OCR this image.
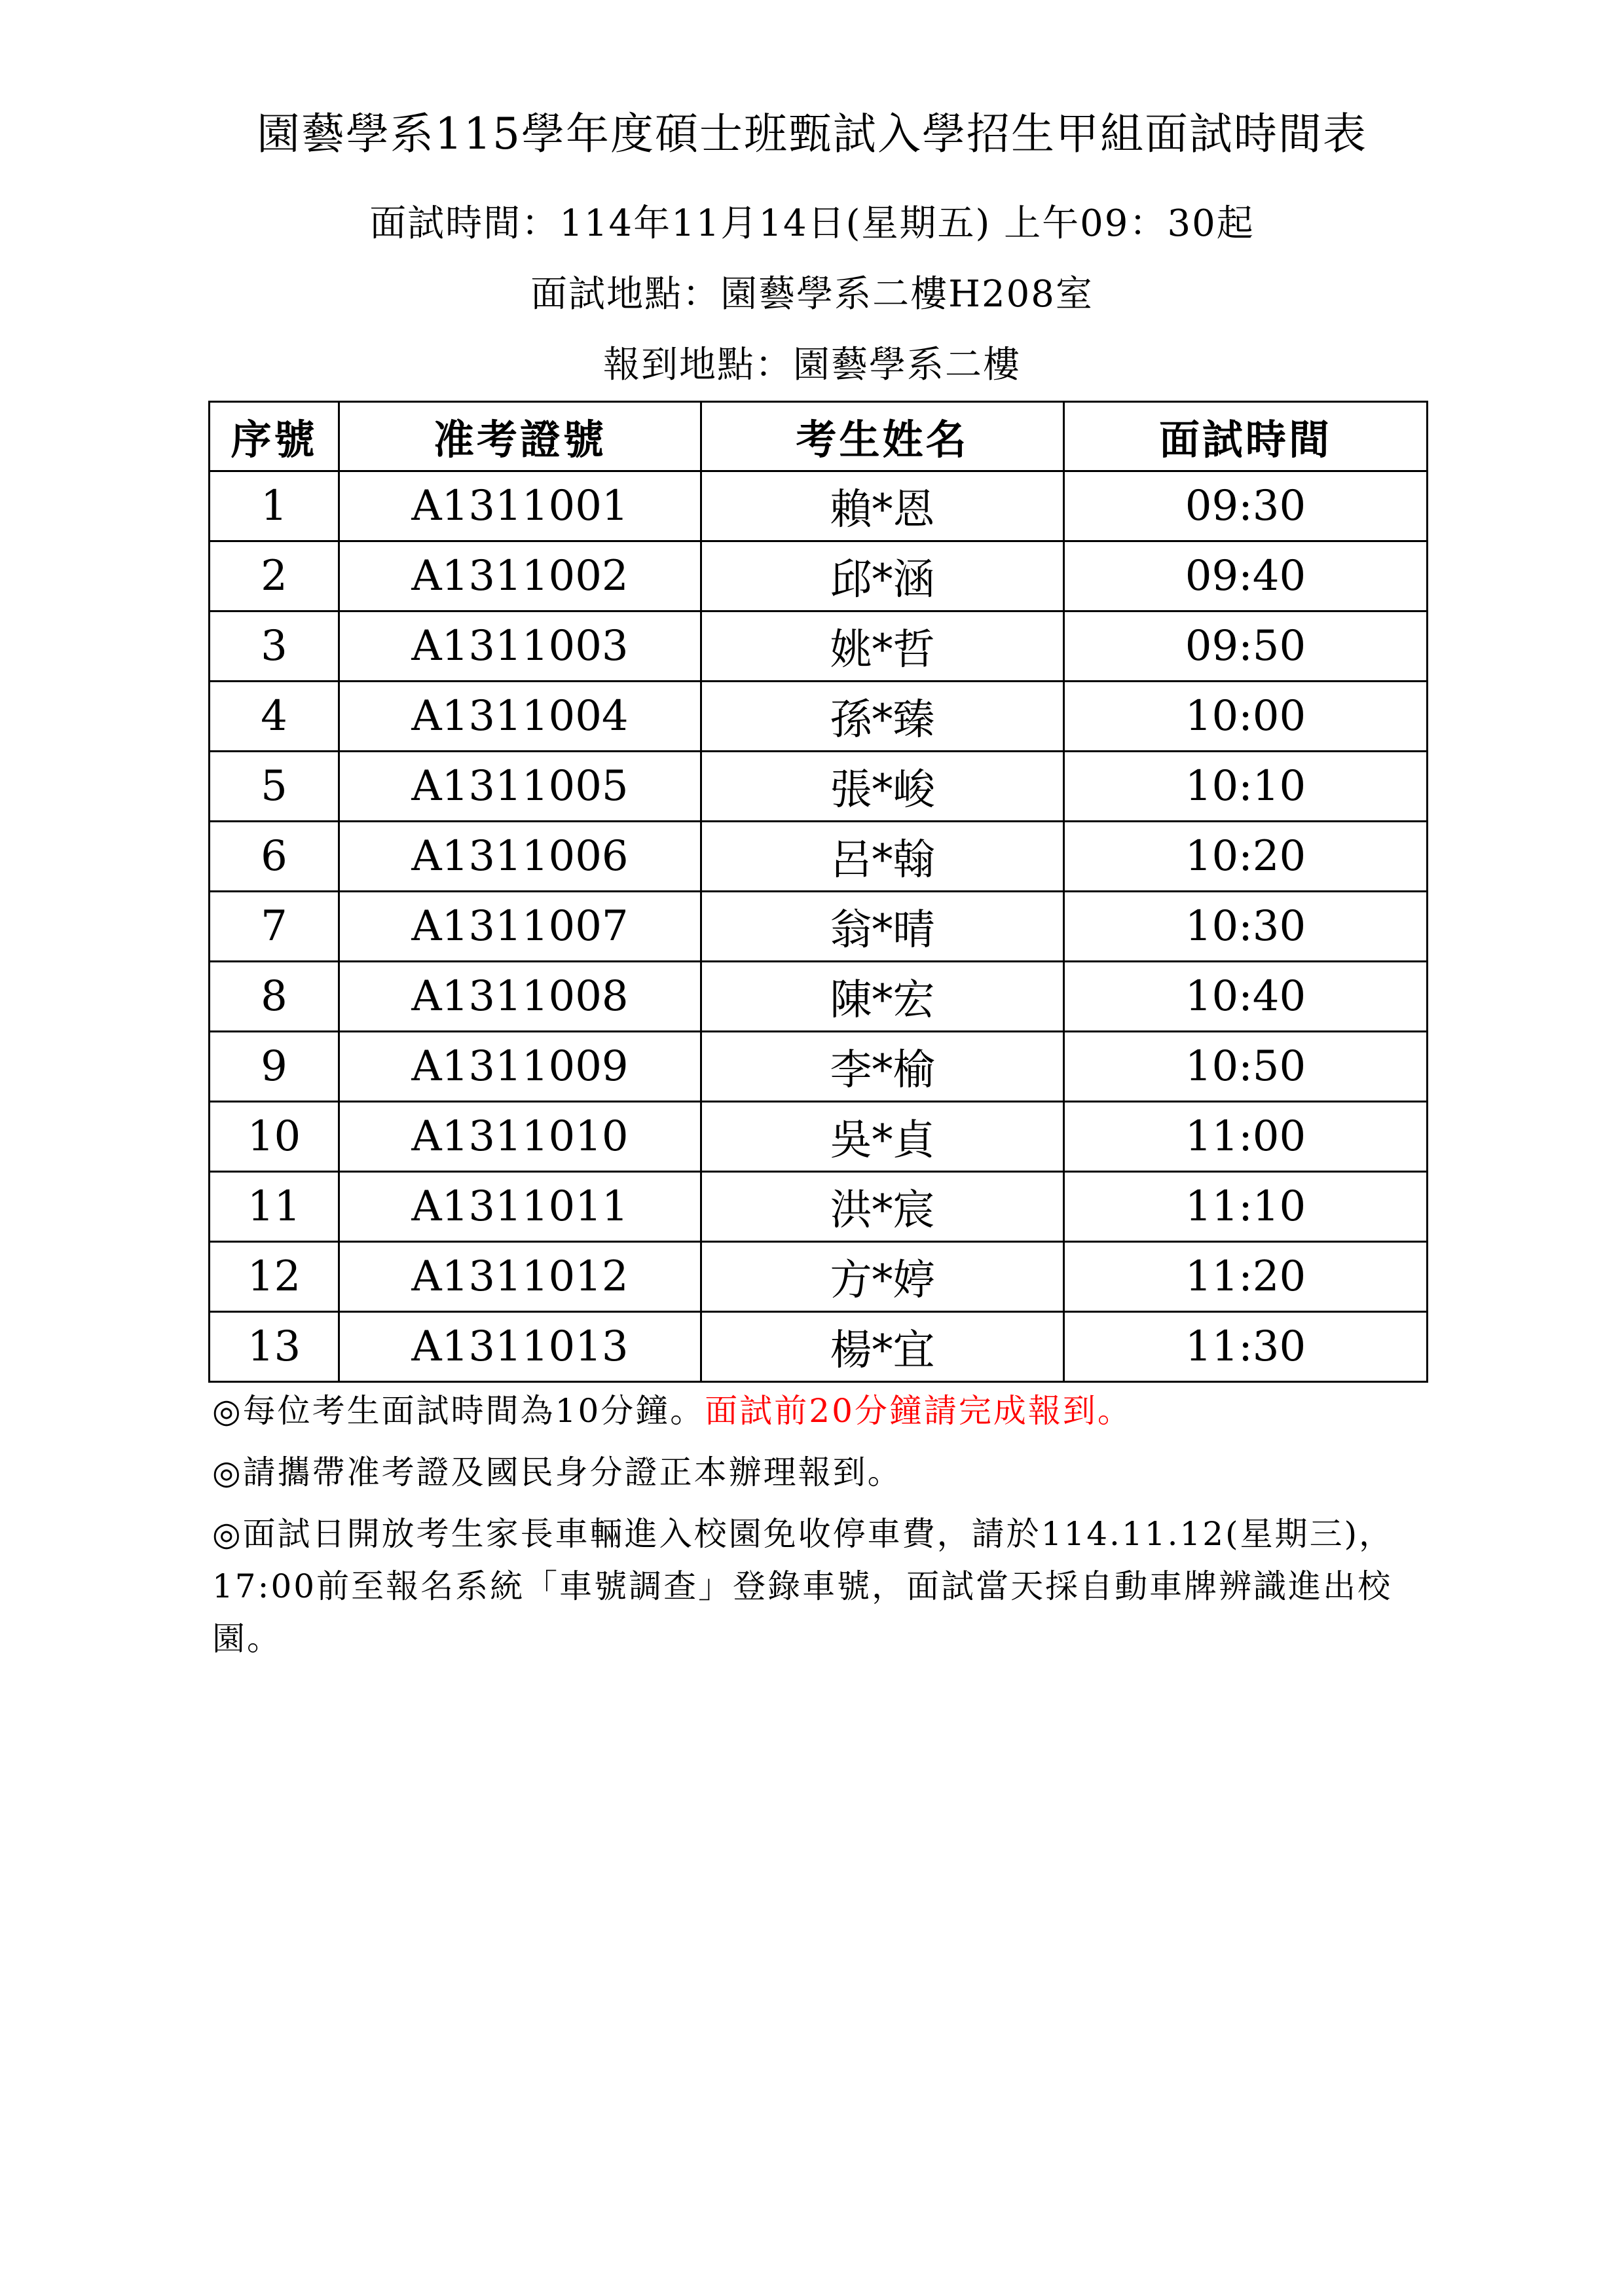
園藝學系115學年度碩士班甄試入學招生甲組面試時間表
面試時間：114年11月14日(星期五) 上午09：30起
面試地點：園藝學系二樓H208室
報到地點：園藝學系二樓
序號	准考證號	考生姓名	面試時間
1	A1311001	賴*恩	09:30
2	A1311002	邱*涵	09:40
3	A1311003	姚*哲	09:50
4	A1311004	孫*臻	10:00
5	A1311005	張*峻	10:10
6	A1311006	呂*翰	10:20
7	A1311007	翁*晴	10:30
8	A1311008	陳*宏	10:40
9	A1311009	李*榆	10:50
10	A1311010	吳*貞	11:00
11	A1311011	洪*宸	11:10
12	A1311012	方*婷	11:20
13	A1311013	楊*宜	11:30

◎每位考生面試時間為10分鐘。面試前20分鐘請完成報到。

◎請攜帶准考證及國民身分證正本辦理報到。

◎面試日開放考生家長車輛進入校園免收停車費，請於114.11.12(星期三)，17:00前至報名系統「車號調查」登錄車號，面試當天採自動車牌辨識進出校園。
